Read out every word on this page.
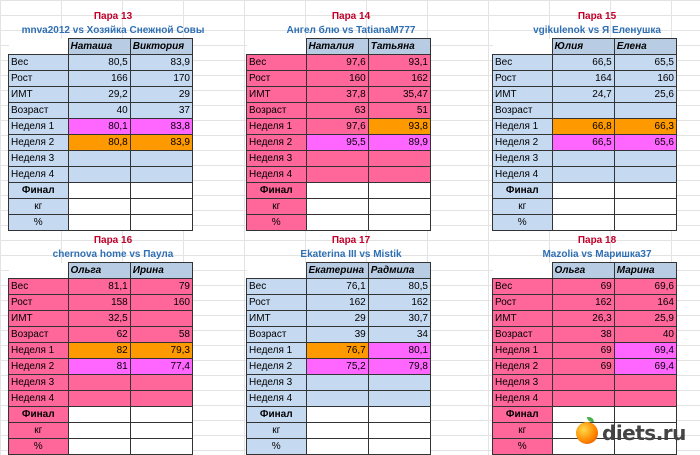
Пара 13
mnva2012 vs Хозяйка Снежной Совы
	Наташа	Виктория
Вес	80,5	83,9
Рост	166	170
ИМТ	29,2	29
Возраст	40	37
Неделя 1	80,1	83,8
Неделя 2	80,8	83,9
Неделя 3		
Неделя 4		
Финал		
кг		
%		
Пара 14
Ангел блю vs TatianaM777
	Наталия	Татьяна
Вес	97,6	93,1
Рост	160	162
ИМТ	37,8	35,47
Возраст	63	51
Неделя 1	97,6	93,8
Неделя 2	95,5	89,9
Неделя 3		
Неделя 4		
Финал		
кг		
%		
Пара 15
vgikulenok vs Я Еленушка
	Юлия	Елена
Вес	66,5	65,5
Рост	164	160
ИМТ	24,7	25,6
Возраст		
Неделя 1	66,8	66,3
Неделя 2	66,5	65,6
Неделя 3		
Неделя 4		
Финал		
кг		
%		
Пара 16
chernova home vs Паула
	Ольга	Ирина
Вес	81,1	79
Рост	158	160
ИМТ	32,5	
Возраст	62	58
Неделя 1	82	79,3
Неделя 2	81	77,4
Неделя 3		
Неделя 4		
Финал		
кг		
%		
Пара 17
Ekaterina III vs Mistik
	Екатерина	Радмила
Вес	76,1	80,5
Рост	162	162
ИМТ	29	30,7
Возраст	39	34
Неделя 1	76,7	80,1
Неделя 2	75,2	79,8
Неделя 3		
Неделя 4		
Финал		
кг		
%		
Пара 18
Mazolia vs Маришка37
	Ольга	Марина
Вес	69	69,6
Рост	162	164
ИМТ	26,3	25,9
Возраст	38	40
Неделя 1	69	69,4
Неделя 2	69	69,4
Неделя 3		
Неделя 4		
Финал		
кг		
%		
diets.ru
